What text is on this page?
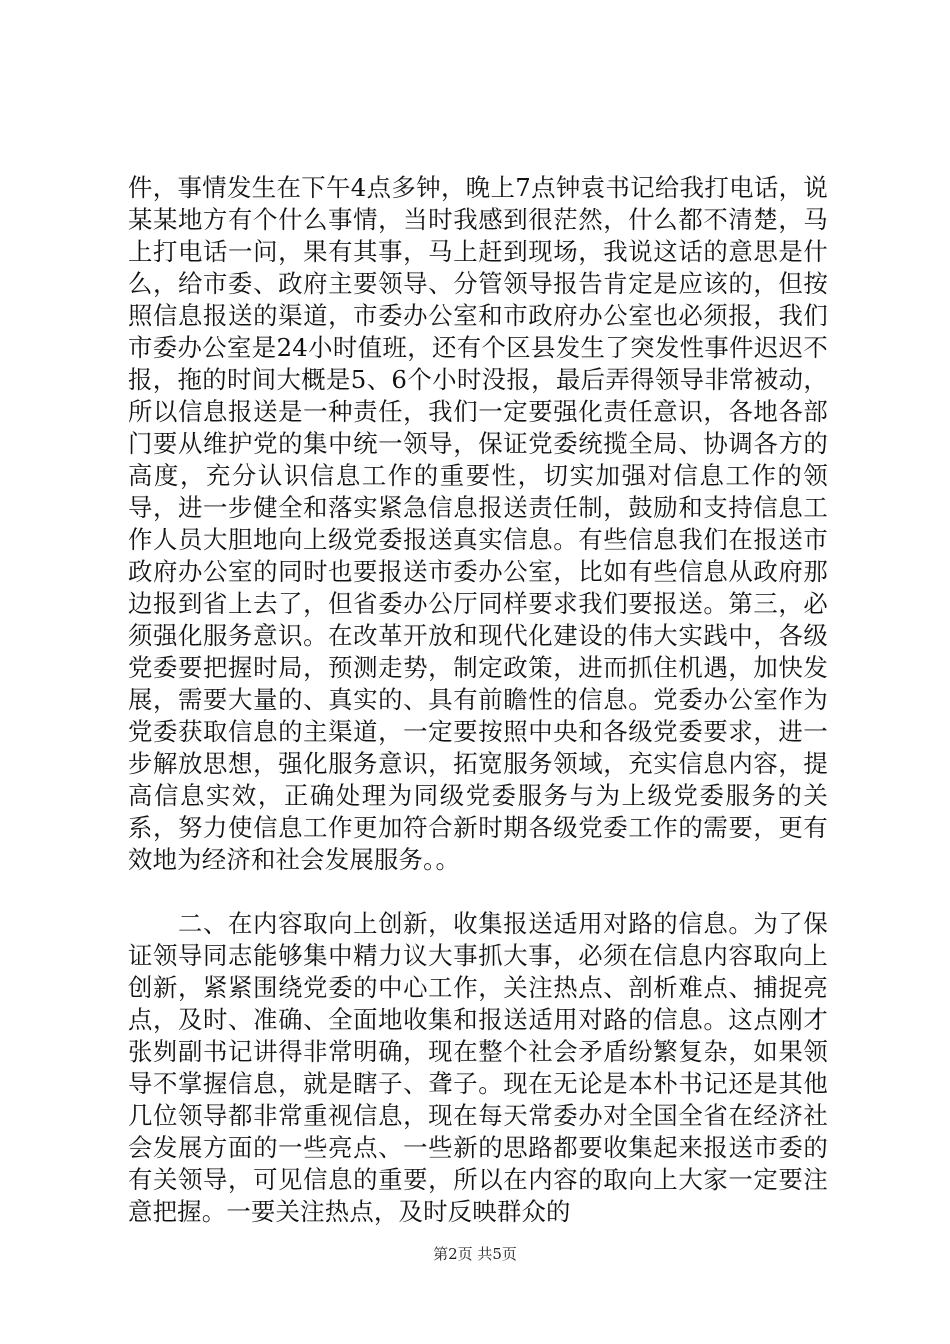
件，事情发生在下午4点多钟，晚上7点钟袁书记给我打电话，说某某地方有个什么事情，当时我感到很茫然，什么都不清楚，马上打电话一问，果有其事，马上赶到现场，我说这话的意思是什么，给市委、政府主要领导、分管领导报告肯定是应该的，但按照信息报送的渠道，市委办公室和市政府办公室也必须报，我们市委办公室是24小时值班，还有个区县发生了突发性事件迟迟不报，拖的时间大概是5、6个小时没报，最后弄得领导非常被动，所以信息报送是一种责任，我们一定要强化责任意识，各地各部门要从维护党的集中统一领导，保证党委统揽全局、协调各方的高度，充分认识信息工作的重要性，切实加强对信息工作的领导，进一步健全和落实紧急信息报送责任制，鼓励和支持信息工作人员大胆地向上级党委报送真实信息。有些信息我们在报送市政府办公室的同时也要报送市委办公室，比如有些信息从政府那边报到省上去了，但省委办公厅同样要求我们要报送。第三，必须强化服务意识。在改革开放和现代化建设的伟大实践中，各级党委要把握时局，预测走势，制定政策，进而抓住机遇，加快发展，需要大量的、真实的、具有前瞻性的信息。党委办公室作为党委获取信息的主渠道，一定要按照中央和各级党委要求，进一步解放思想，强化服务意识，拓宽服务领域，充实信息内容，提高信息实效，正确处理为同级党委服务与为上级党委服务的关系，努力使信息工作更加符合新时期各级党委工作的需要，更有效地为经济和社会发展服务。。

二、在内容取向上创新，收集报送适用对路的信息。为了保证领导同志能够集中精力议大事抓大事，必须在信息内容取向上创新，紧紧围绕党委的中心工作，关注热点、剖析难点、捕捉亮点，及时、准确、全面地收集和报送适用对路的信息。这点刚才张刿副书记讲得非常明确，现在整个社会矛盾纷繁复杂，如果领导不掌握信息，就是瞎子、聋子。现在无论是本朴书记还是其他几位领导都非常重视信息，现在每天常委办对全国全省在经济社会发展方面的一些亮点、一些新的思路都要收集起来报送市委的有关领导，可见信息的重要，所以在内容的取向上大家一定要注意把握。一要关注热点，及时反映群众的

第2页 共5页
